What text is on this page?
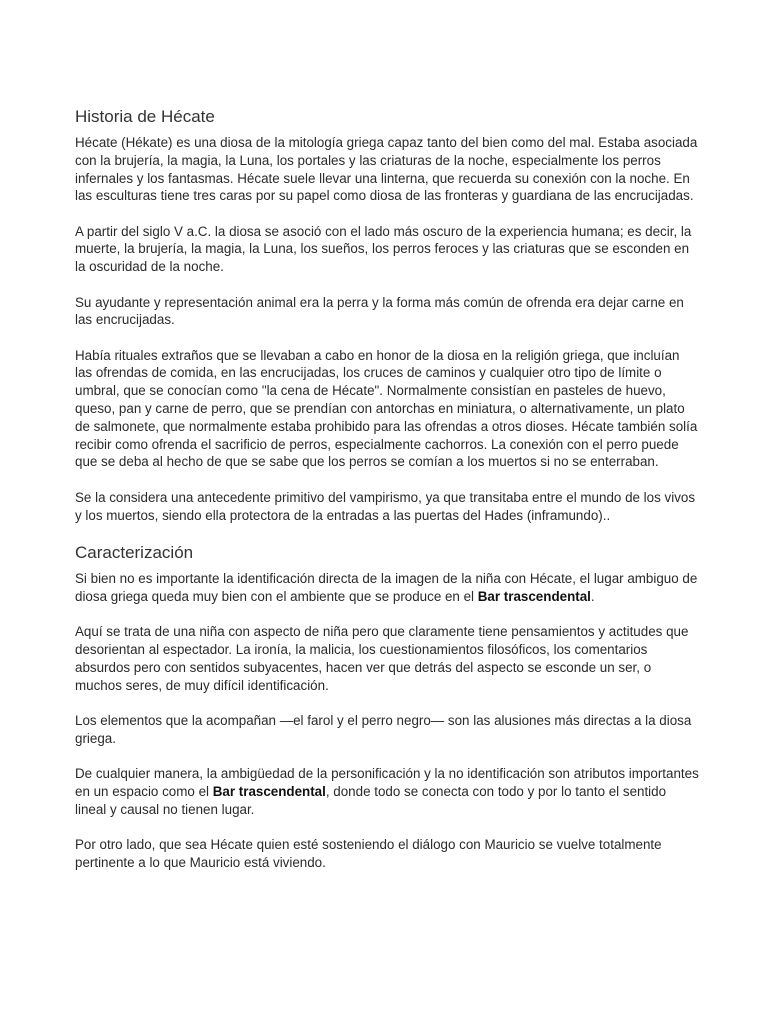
Historia de Hécate

Hécate (Hékate) es una diosa de la mitología griega capaz tanto del bien como del mal. Estaba asociada con la brujería, la magia, la Luna, los portales y las criaturas de la noche, especialmente los perros infernales y los fantasmas. Hécate suele llevar una linterna, que recuerda su conexión con la noche. En las esculturas tiene tres caras por su papel como diosa de las fronteras y guardiana de las encrucijadas.

A partir del siglo V a.C. la diosa se asoció con el lado más oscuro de la experiencia humana; es decir, la muerte, la brujería, la magia, la Luna, los sueños, los perros feroces y las criaturas que se esconden en la oscuridad de la noche.

Su ayudante y representación animal era la perra y la forma más común de ofrenda era dejar carne en las encrucijadas.

Había rituales extraños que se llevaban a cabo en honor de la diosa en la religión griega, que incluían las ofrendas de comida, en las encrucijadas, los cruces de caminos y cualquier otro tipo de límite o umbral, que se conocían como "la cena de Hécate". Normalmente consistían en pasteles de huevo, queso, pan y carne de perro, que se prendían con antorchas en miniatura, o alternativamente, un plato de salmonete, que normalmente estaba prohibido para las ofrendas a otros dioses. Hécate también solía recibir como ofrenda el sacrificio de perros, especialmente cachorros. La conexión con el perro puede que se deba al hecho de que se sabe que los perros se comían a los muertos si no se enterraban.

Se la considera una antecedente primitivo del vampirismo, ya que transitaba entre el mundo de los vivos y los muertos, siendo ella protectora de la entradas a las puertas del Hades (inframundo)..

Caracterización

Si bien no es importante la identificación directa de la imagen de la niña con Hécate, el lugar ambiguo de diosa griega queda muy bien con el ambiente que se produce en el Bar trascendental.

Aquí se trata de una niña con aspecto de niña pero que claramente tiene pensamientos y actitudes que desorientan al espectador. La ironía, la malicia, los cuestionamientos filosóficos, los comentarios absurdos pero con sentidos subyacentes, hacen ver que detrás del aspecto se esconde un ser, o muchos seres, de muy difícil identificación.

Los elementos que la acompañan —el farol y el perro negro— son las alusiones más directas a la diosa griega.

De cualquier manera, la ambigüedad de la personificación y la no identificación son atributos importantes en un espacio como el Bar trascendental, donde todo se conecta con todo y por lo tanto el sentido lineal y causal no tienen lugar.

Por otro lado, que sea Hécate quien esté sosteniendo el diálogo con Mauricio se vuelve totalmente pertinente a lo que Mauricio está viviendo.
